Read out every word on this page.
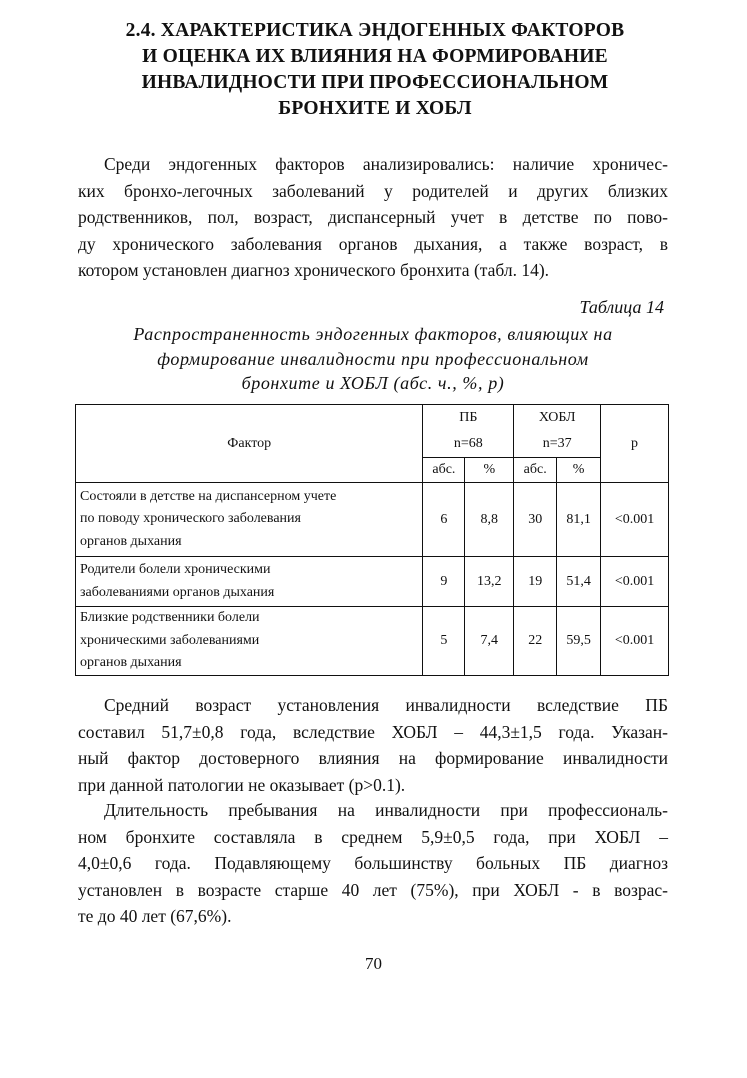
2.4. ХАРАКТЕРИСТИКА ЭНДОГЕННЫХ ФАКТОРОВ
И ОЦЕНКА ИХ ВЛИЯНИЯ НА ФОРМИРОВАНИЕ
ИНВАЛИДНОСТИ ПРИ ПРОФЕССИОНАЛЬНОМ
БРОНХИТЕ И ХОБЛ
Среди эндогенных факторов анализировались: наличие хроничес-
ких бронхо-легочных заболеваний у родителей и других близких
родственников, пол, возраст, диспансерный учет в детстве по пово-
ду хронического заболевания органов дыхания, а также возраст, в
котором установлен диагноз хронического бронхита (табл. 14).
Таблица 14
Распространенность эндогенных факторов, влияющих на
формирование инвалидности при профессиональном
бронхите и ХОБЛ (абс. ч., %, р)
Фактор	ПБ		ХОБЛ		р
	n=68		n=37		
	абс.	%	абс.	%	

Состояли в детстве на диспансерном учете
по поводу хронического заболевания
органов дыхания	6	8,8	30	81,1	<0.001

Родители болели хроническими
заболеваниями органов дыхания	9	13,2	19	51,4	<0.001

Близкие родственники болели
хроническими заболеваниями
органов дыхания	5	7,4	22	59,5	<0.001
Средний возраст установления инвалидности вследствие ПБ
составил 51,7±0,8 года, вследствие ХОБЛ – 44,3±1,5 года. Указан-
ный фактор достоверного влияния на формирование инвалидности
при данной патологии не оказывает (р>0.1).
Длительность пребывания на инвалидности при профессиональ-
ном бронхите составляла в среднем 5,9±0,5 года, при ХОБЛ –
4,0±0,6 года. Подавляющему большинству больных ПБ диагноз
установлен в возрасте старше 40 лет (75%), при ХОБЛ - в возрас-
те до 40 лет (67,6%).
70
